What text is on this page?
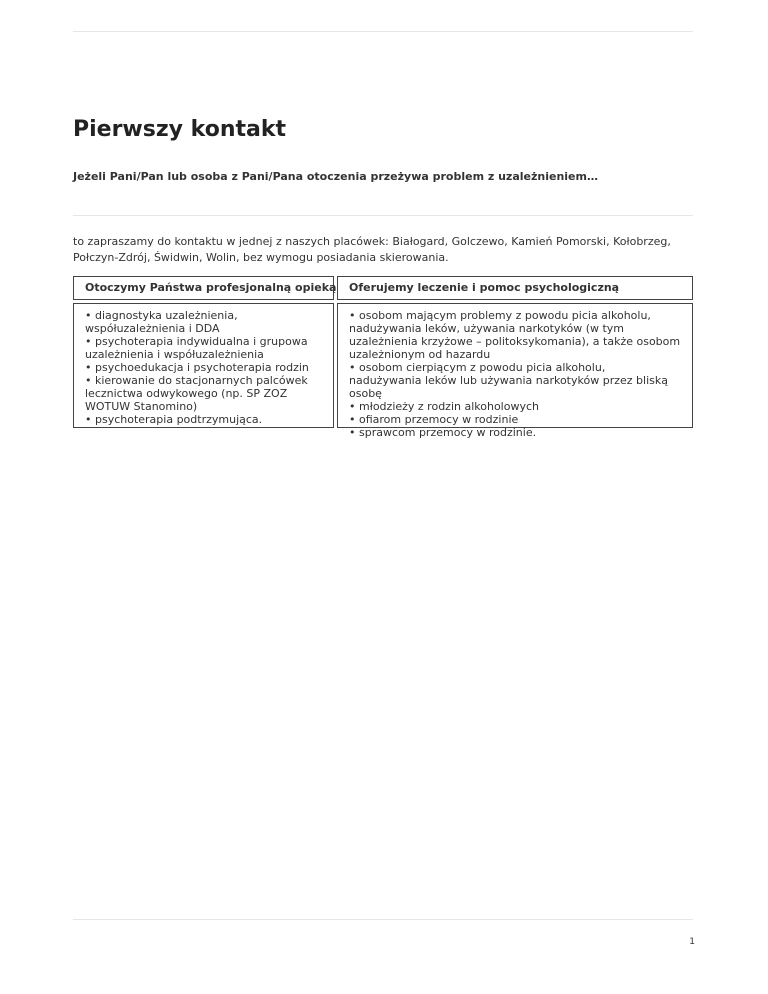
Pierwszy kontakt

Jeżeli Pani/Pan lub osoba z Pani/Pana otoczenia przeżywa problem z uzależnieniem…

to zapraszamy do kontaktu w jednej z naszych placówek: Białogard, Golczewo, Kamień Pomorski, Kołobrzeg, Połczyn-Zdrój, Świdwin, Wolin, bez wymogu posiadania skierowania.

Otoczymy Państwa profesjonalną opieką	Oferujemy leczenie i pomoc psychologiczną
• diagnostyka uzależnienia, współuzależnienia i DDA
• psychoterapia indywidualna i grupowa uzależnienia i współuzależnienia
• psychoedukacja i psychoterapia rodzin
• kierowanie do stacjonarnych palcówek lecznictwa odwykowego (np. SP ZOZ WOTUW Stanomino)
• psychoterapia podtrzymująca.
• osobom mającym problemy z powodu picia alkoholu, nadużywania leków, używania narkotyków (w tym uzależnienia krzyżowe – politoksykomania), a także osobom uzależnionym od hazardu
• osobom cierpiącym z powodu picia alkoholu, nadużywania leków lub używania narkotyków przez bliską osobę
• młodzieży z rodzin alkoholowych
• ofiarom przemocy w rodzinie
• sprawcom przemocy w rodzinie.
1
